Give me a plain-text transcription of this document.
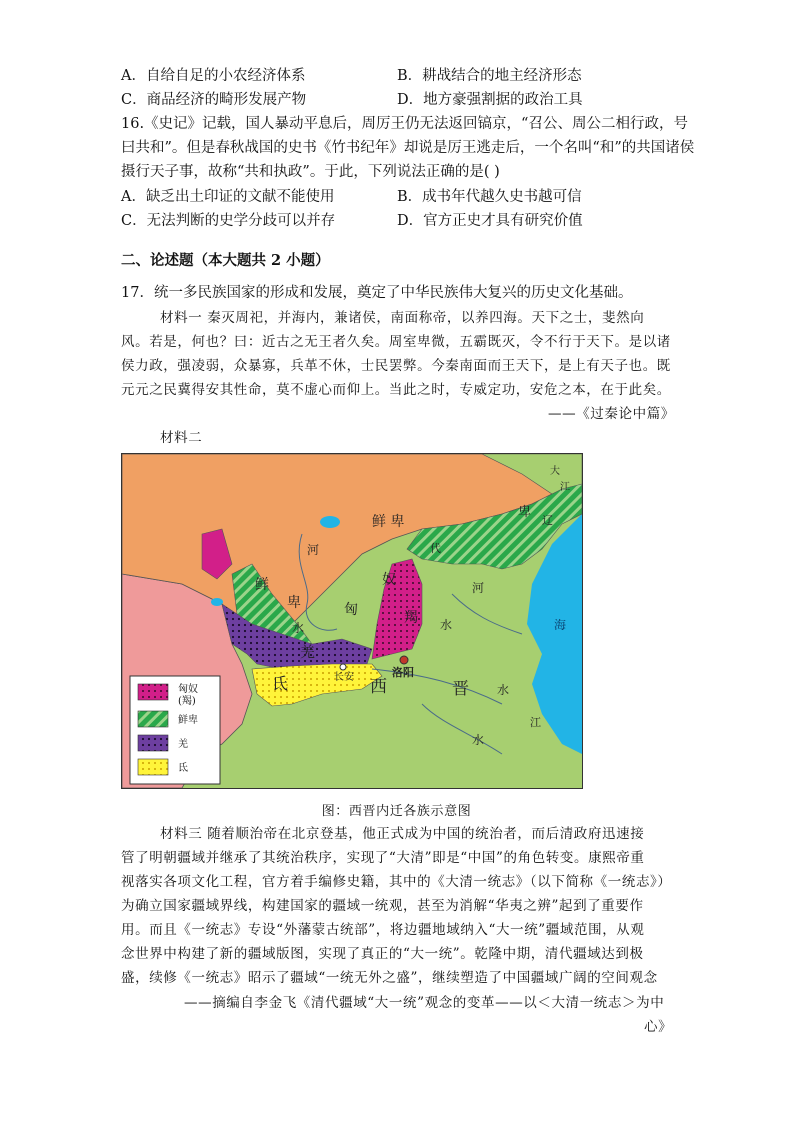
A．自给自足的小农经济体系	B．耕战结合的地主经济形态
C．商品经济的畸形发展产物	D．地方豪强割据的政治工具
16.《史记》记载，国人暴动平息后，周厉王仍无法返回镐京，“召公、周公二相行政，号
曰共和”。但是春秋战国的史书《竹书纪年》却说是厉王逃走后，一个名叫“和”的共国诸侯
摄行天子事，故称“共和执政”。于此，下列说法正确的是( )
A．缺乏出土印证的文献不能使用	B．成书年代越久史书越可信
C．无法判断的史学分歧可以并存	D．官方正史才具有研究价值
二、论述题（本大题共 2 小题）
17．统一多民族国家的形成和发展，奠定了中华民族伟大复兴的历史文化基础。
材料一 秦灭周祀，并海内，兼诸侯，南面称帝，以养四海。天下之士，斐然向
风。若是，何也？曰：近古之无王者久矣。周室卑微，五霸既灭，令不行于天下。是以诸
侯力政，强凌弱，众暴寡，兵革不休，士民罢弊。今秦南面而王天下，是上有天子也。既
元元之民冀得安其性命，莫不虚心而仰上。当此之时，专威定功，安危之本，在于此矣。
——《过秦论中篇》
材料二
鲜 卑
鲜
卑
河
水
匈
奴
羯
河
水
羌
氐	长安	洛阳
西	晋 水
水
代
大
江
辽
卑
海
江
匈奴
(羯)
鲜卑
羌
氐
图：西晋内迁各族示意图
材料三 随着顺治帝在北京登基，他正式成为中国的统治者，而后清政府迅速接
管了明朝疆域并继承了其统治秩序，实现了“大清”即是“中国”的角色转变。康熙帝重
视落实各项文化工程，官方着手编修史籍，其中的《大清一统志》（以下简称《一统志》）
为确立国家疆域界线，构建国家的疆域一统观，甚至为消解“华夷之辨”起到了重要作
用。而且《一统志》专设“外藩蒙古统部”，将边疆地域纳入“大一统”疆域范围，从观
念世界中构建了新的疆域版图，实现了真正的“大一统”。乾隆中期，清代疆域达到极
盛，续修《一统志》昭示了疆域“一统无外之盛”，继续塑造了中国疆域广阔的空间观念
——摘编自李金飞《清代疆域“大一统”观念的变革——以＜大清一统志＞为中
心》
